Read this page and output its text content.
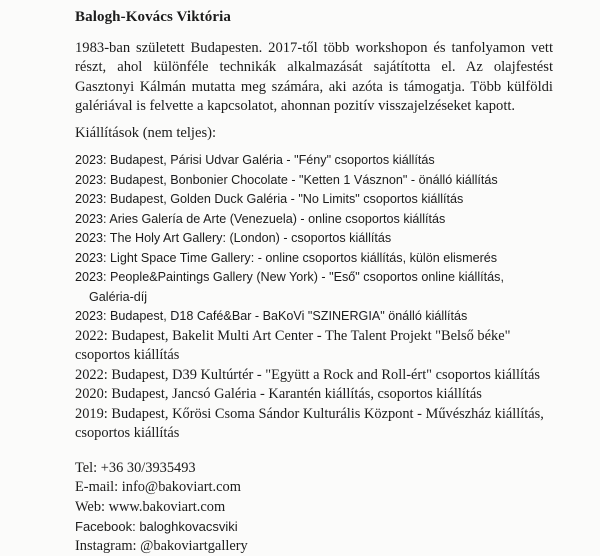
Balogh-Kovács Viktória
1983-ban született Budapesten. 2017-től több workshopon és tanfolyamon vett részt, ahol különféle technikák alkalmazását sajátította el. Az olajfestést Gasztonyi Kálmán mutatta meg számára, aki azóta is támogatja. Több külföldi galériával is felvette a kapcsolatot, ahonnan pozitív visszajelzéseket kapott.
Kiállítások (nem teljes):
2023: Budapest, Párisi Udvar Galéria - "Fény" csoportos kiállítás
2023: Budapest, Bonbonier Chocolate - "Ketten 1 Vásznon" - önálló kiállítás
2023: Budapest, Golden Duck Galéria - "No Limits" csoportos kiállítás
2023: Aries Galería de Arte (Venezuela) - online csoportos kiállítás
2023: The Holy Art Gallery: (London) - csoportos kiállítás
2023: Light Space Time Gallery: - online csoportos kiállítás, külön elismerés
2023: People&Paintings Gallery (New York) - "Eső" csoportos online kiállítás,
Galéria-díj
2023: Budapest, D18 Café&Bar - BaKoVi "SZINERGIA" önálló kiállítás
2022: Budapest, Bakelit Multi Art Center - The Talent Projekt "Belső béke"
csoportos kiállítás
2022: Budapest, D39 Kultúrtér - "Együtt a Rock and Roll-ért" csoportos kiállítás
2020: Budapest, Jancsó Galéria - Karantén kiállítás, csoportos kiállítás
2019: Budapest, Kőrösi Csoma Sándor Kulturális Központ - Művészház kiállítás,
csoportos kiállítás
Tel: +36 30/3935493
E-mail: info@bakoviart.com
Web: www.bakoviart.com
Facebook: baloghkovacsviki
Instagram: @bakoviartgallery
